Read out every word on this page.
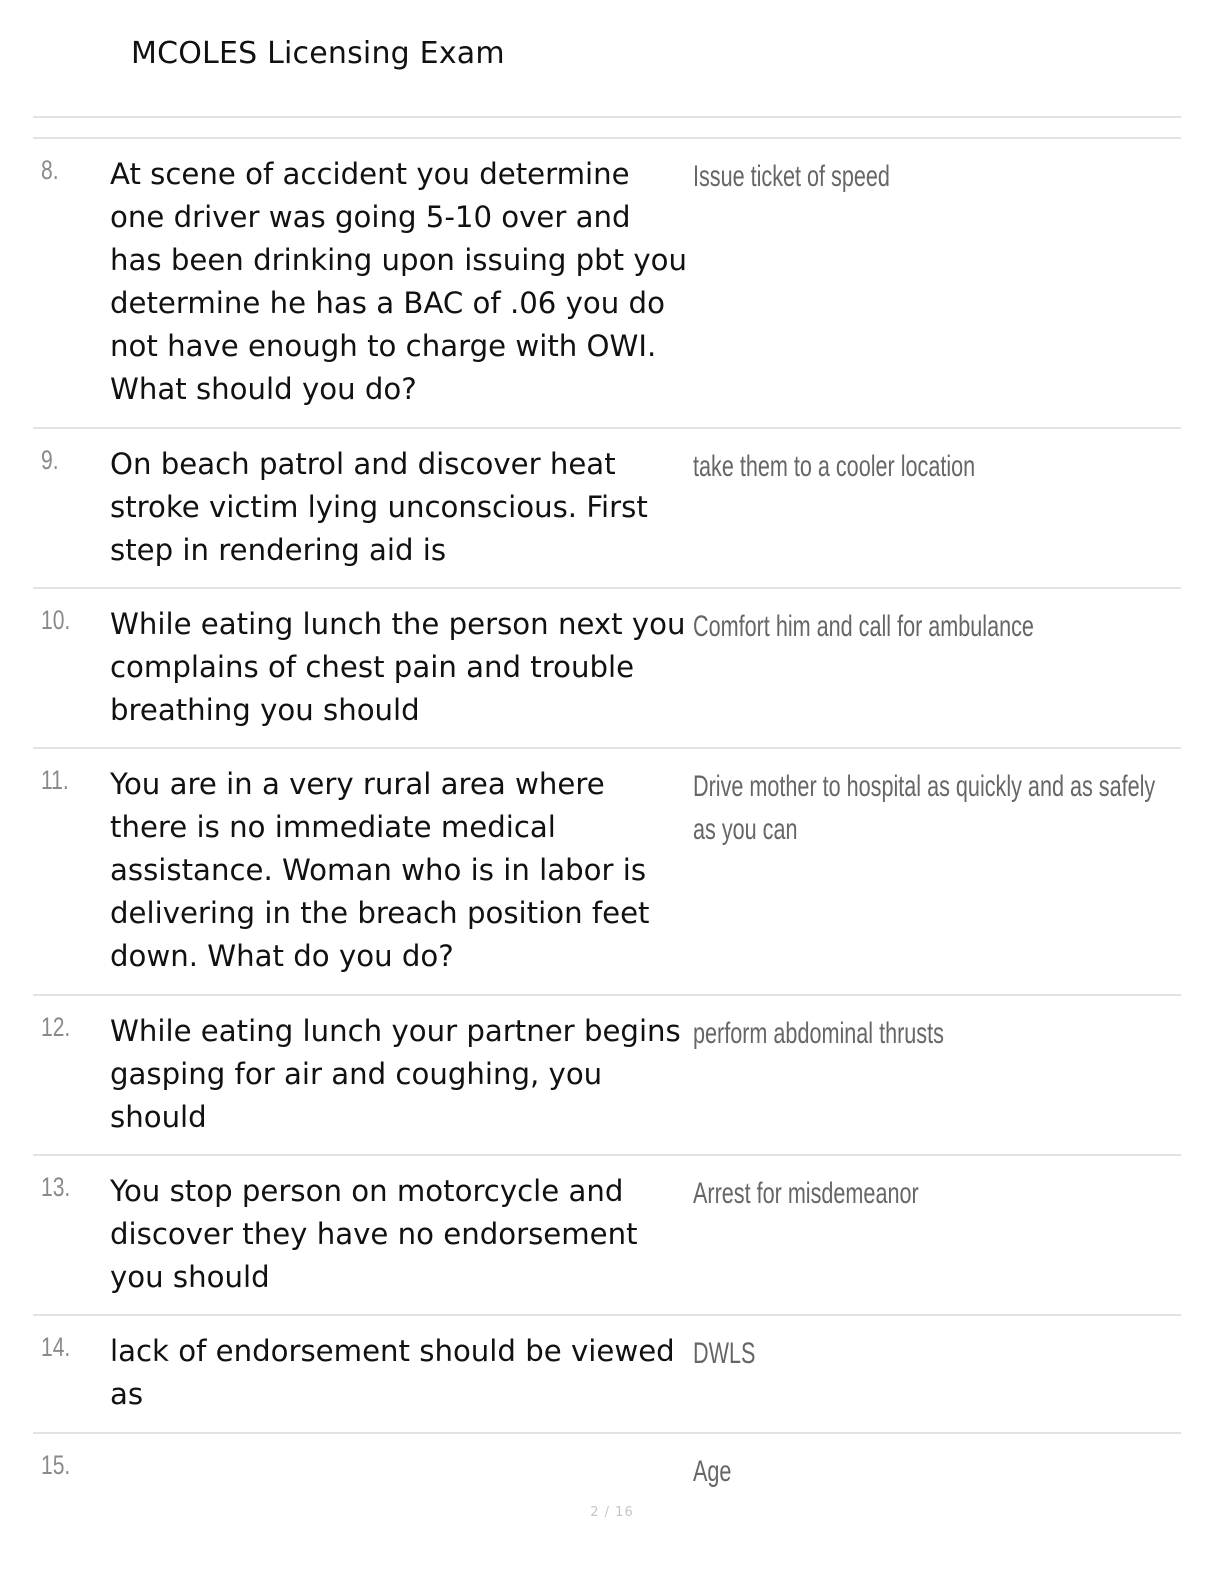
MCOLES Licensing Exam
8. At scene of accident you determine one driver was going 5-10 over and has been drinking upon issuing pbt you determine he has a BAC of .06 you do not have enough to charge with OWI. What should you do?
Issue ticket of speed
9. On beach patrol and discover heat stroke victim lying unconscious. First step in rendering aid is
take them to a cooler location
10. While eating lunch the person next you complains of chest pain and trouble breathing you should
Comfort him and call for ambulance
11. You are in a very rural area where there is no immediate medical assistance. Woman who is in labor is delivering in the breach position feet down. What do you do?
Drive mother to hospital as quickly and as safely as you can
12. While eating lunch your partner begins gasping for air and coughing, you should
perform abdominal thrusts
13. You stop person on motorcycle and discover they have no endorsement you should
Arrest for misdemeanor
14. lack of endorsement should be viewed as
DWLS
15.	Age
2 / 16
